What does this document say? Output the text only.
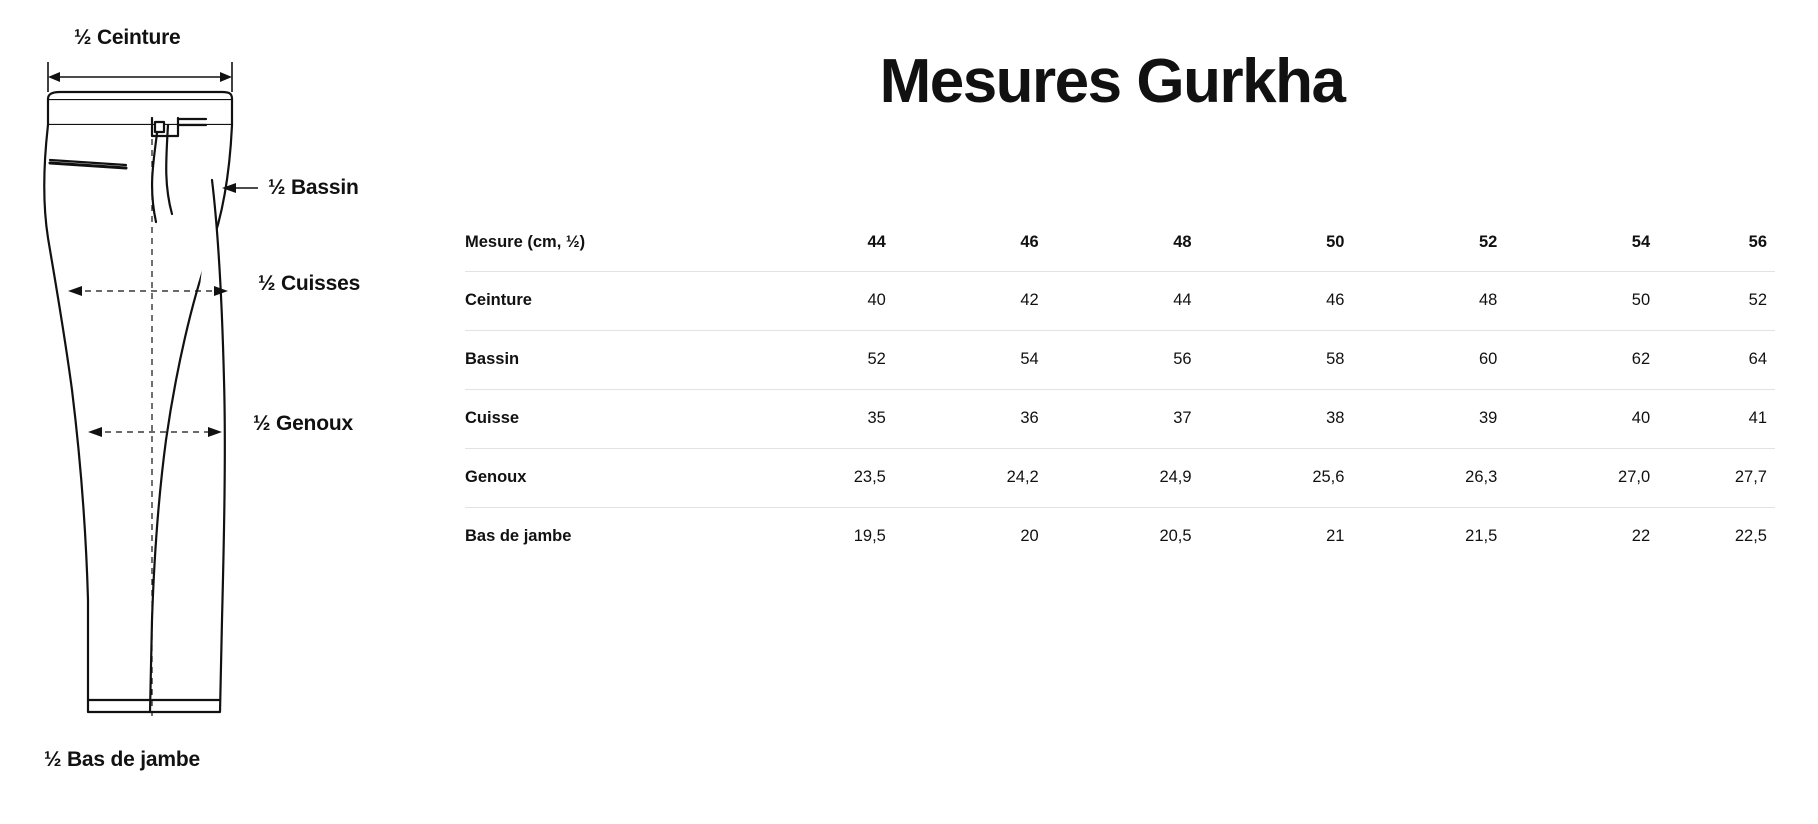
½ Ceinture
½ Bassin
½ Cuisses
½ Genoux
½ Bas de jambe
Mesures Gurkha
Mesure (cm, ½)	44	46	48	50	52	54	56
Ceinture	40	42	44	46	48	50	52
Bassin	52	54	56	58	60	62	64
Cuisse	35	36	37	38	39	40	41
Genoux	23,5	24,2	24,9	25,6	26,3	27,0	27,7
Bas de jambe	19,5	20	20,5	21	21,5	22	22,5
